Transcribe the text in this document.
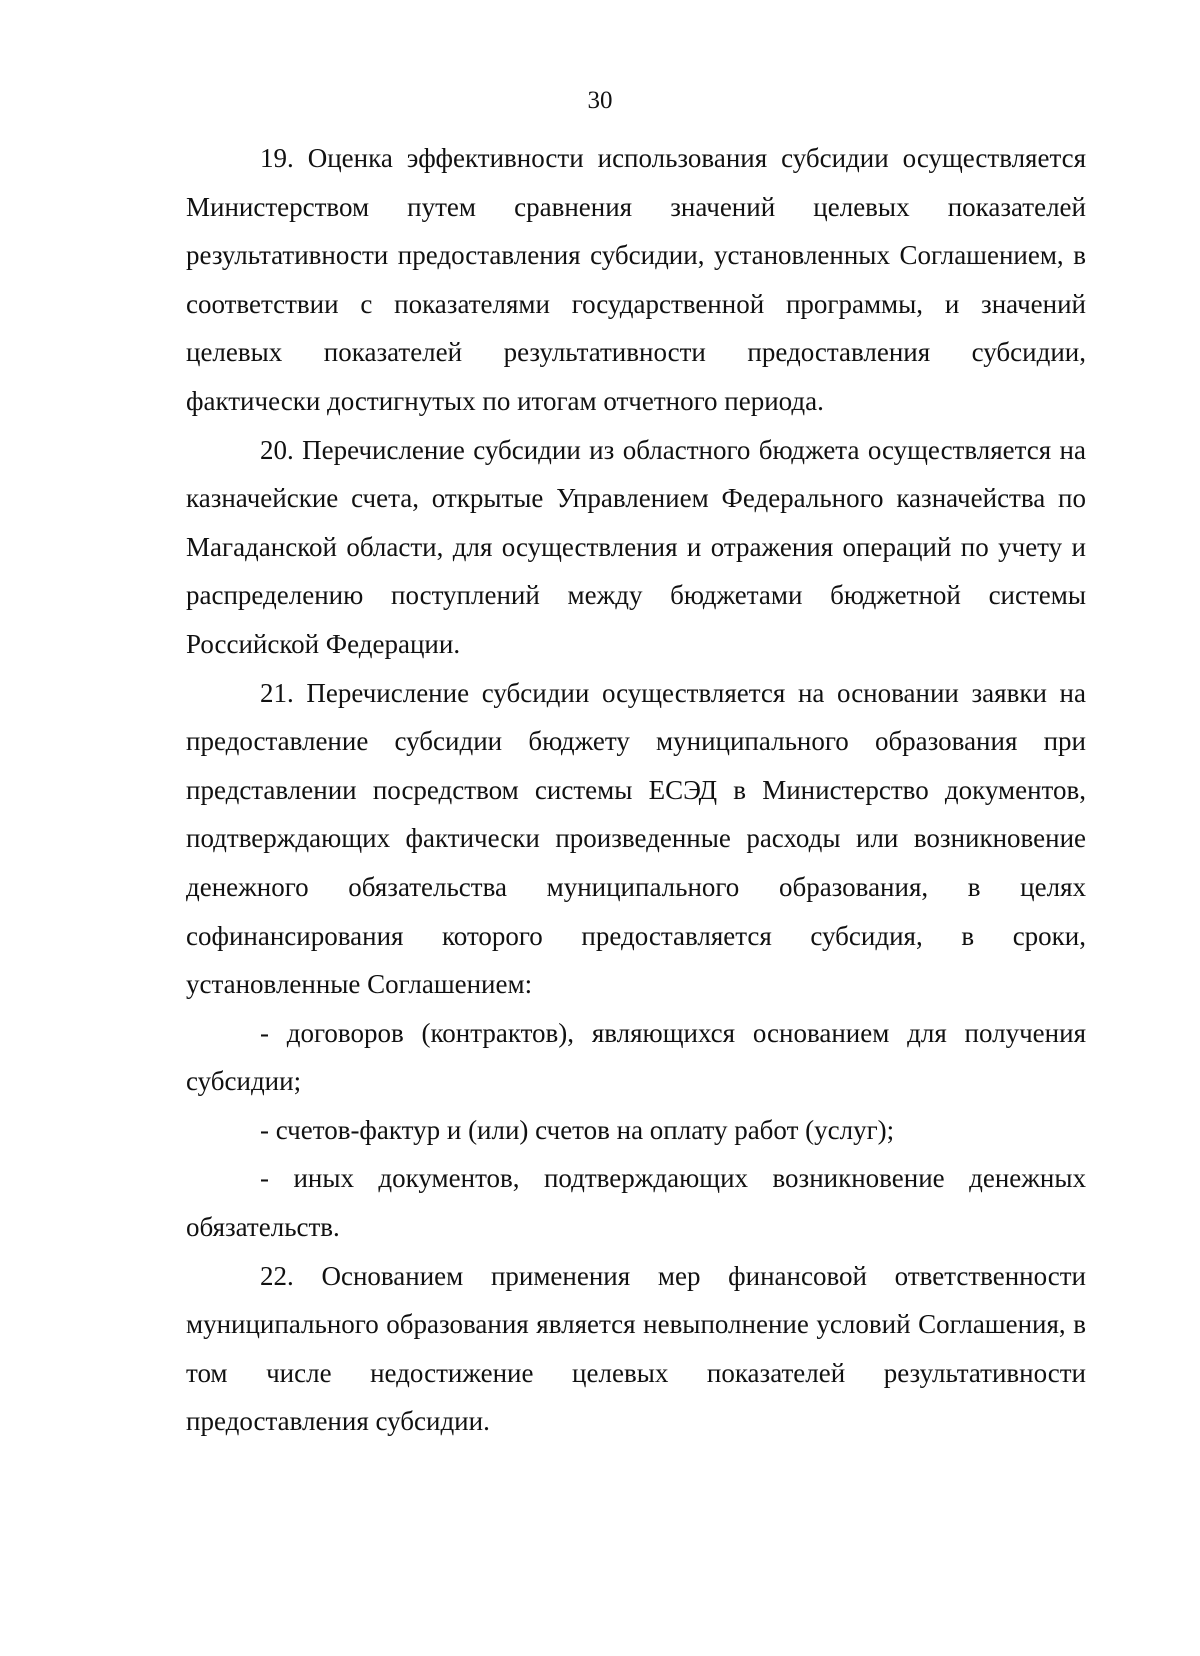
30

19. Оценка эффективности использования субсидии осуществляется Министерством путем сравнения значений целевых показателей результативности предоставления субсидии, установленных Соглашением, в соответствии с показателями государственной программы, и значений целевых показателей результативности предоставления субсидии, фактически достигнутых по итогам отчетного периода.

20. Перечисление субсидии из областного бюджета осуществляется на казначейские счета, открытые Управлением Федерального казначейства по Магаданской области, для осуществления и отражения операций по учету и распределению поступлений между бюджетами бюджетной системы Российской Федерации.

21. Перечисление субсидии осуществляется на основании заявки на предоставление субсидии бюджету муниципального образования при представлении посредством системы ЕСЭД в Министерство документов, подтверждающих фактически произведенные расходы или возникновение денежного обязательства муниципального образования, в целях софинансирования которого предоставляется субсидия, в сроки, установленные Соглашением:

- договоров (контрактов), являющихся основанием для получения субсидии;

- счетов-фактур и (или) счетов на оплату работ (услуг);

- иных документов, подтверждающих возникновение денежных обязательств.

22. Основанием применения мер финансовой ответственности муниципального образования является невыполнение условий Соглашения, в том числе недостижение целевых показателей результативности предоставления субсидии.
